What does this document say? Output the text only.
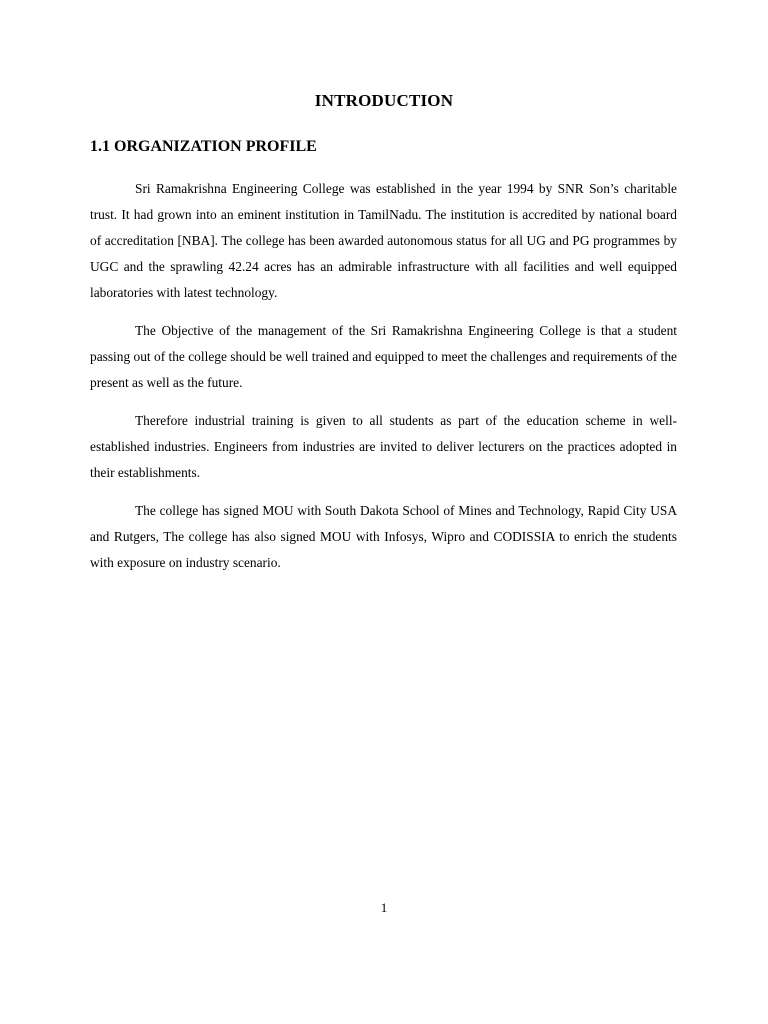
INTRODUCTION
1.1 ORGANIZATION PROFILE

Sri Ramakrishna Engineering College was established in the year 1994 by SNR Son’s charitable trust. It had grown into an eminent institution in TamilNadu. The institution is accredited by national board of accreditation [NBA]. The college has been awarded autonomous status for all UG and PG programmes by UGC and the sprawling 42.24 acres has an admirable infrastructure with all facilities and well equipped laboratories with latest technology.

The Objective of the management of the Sri Ramakrishna Engineering College is that a student passing out of the college should be well trained and equipped to meet the challenges and requirements of the present as well as the future.

Therefore industrial training is given to all students as part of the education scheme in well-established industries. Engineers from industries are invited to deliver lecturers on the practices adopted in their establishments.

The college has signed MOU with South Dakota School of Mines and Technology, Rapid City USA and Rutgers, The college has also signed MOU with Infosys, Wipro and CODISSIA to enrich the students with exposure on industry scenario.

1
